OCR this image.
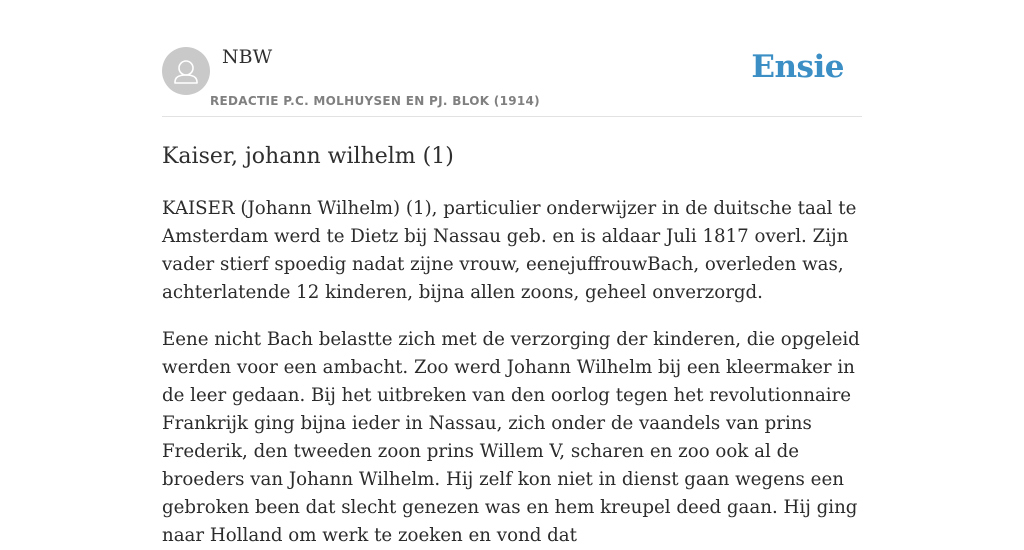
NBW
REDACTIE P.C. MOLHUYSEN EN PJ. BLOK (1914)
Ensie
Kaiser, johann wilhelm (1)

KAISER (Johann Wilhelm) (1), particulier onderwijzer in de duitsche taal te Amsterdam werd te Dietz bij Nassau geb. en is aldaar Juli 1817 overl. Zijn vader stierf spoedig nadat zijne vrouw, eenejuffrouwBach, overleden was, achterlatende 12 kinderen, bijna allen zoons, geheel onverzorgd.

Eene nicht Bach belastte zich met de verzorging der kinderen, die opgeleid werden voor een ambacht. Zoo werd Johann Wilhelm bij een kleermaker in de leer gedaan. Bij het uitbreken van den oorlog tegen het revolutionnaire Frankrijk ging bijna ieder in Nassau, zich onder de vaandels van prins Frederik, den tweeden zoon prins Willem V, scharen en zoo ook al de broeders van Johann Wilhelm. Hij zelf kon niet in dienst gaan wegens een gebroken been dat slecht genezen was en hem kreupel deed gaan. Hij ging naar Holland om werk te zoeken en vond dat
